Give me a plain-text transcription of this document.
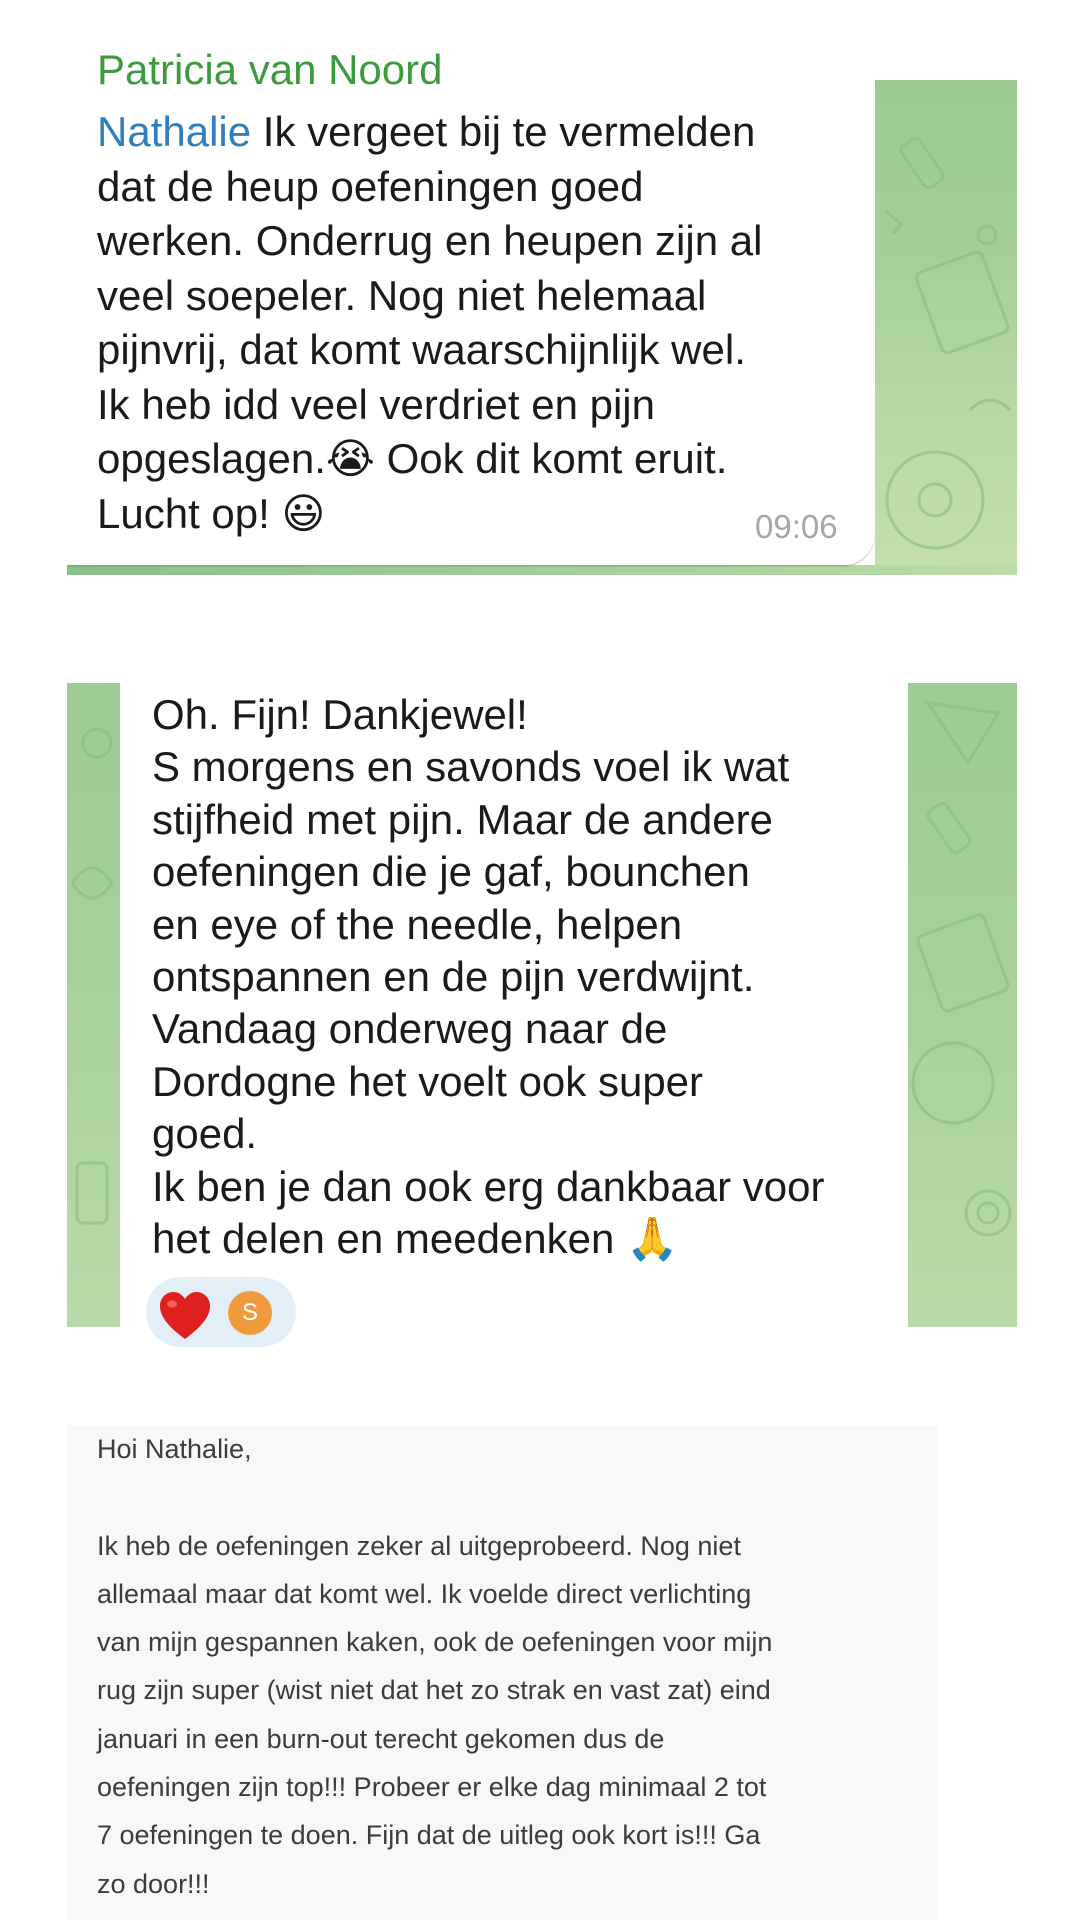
Patricia van Noord
Nathalie Ik vergeet bij te vermelden
dat de heup oefeningen goed
werken. Onderrug en heupen zijn al
veel soepeler. Nog niet helemaal
pijnvrij, dat komt waarschijnlijk wel.
Ik heb idd veel verdriet en pijn
opgeslagen.😭 Ook dit komt eruit.
Lucht op! 😃	09:06
Oh. Fijn! Dankjewel!
S morgens en savonds voel ik wat
stijfheid met pijn. Maar de andere
oefeningen die je gaf, bounchen
en eye of the needle, helpen
ontspannen en de pijn verdwijnt.
Vandaag onderweg naar de
Dordogne het voelt ook super
goed.
Ik ben je dan ook erg dankbaar voor
het delen en meedenken 🙏
S
Hoi Nathalie,
Ik heb de oefeningen zeker al uitgeprobeerd. Nog niet
allemaal maar dat komt wel. Ik voelde direct verlichting
van mijn gespannen kaken, ook de oefeningen voor mijn
rug zijn super (wist niet dat het zo strak en vast zat) eind
januari in een burn-out terecht gekomen dus de
oefeningen zijn top!!! Probeer er elke dag minimaal 2 tot
7 oefeningen te doen. Fijn dat de uitleg ook kort is!!! Ga
zo door!!!
